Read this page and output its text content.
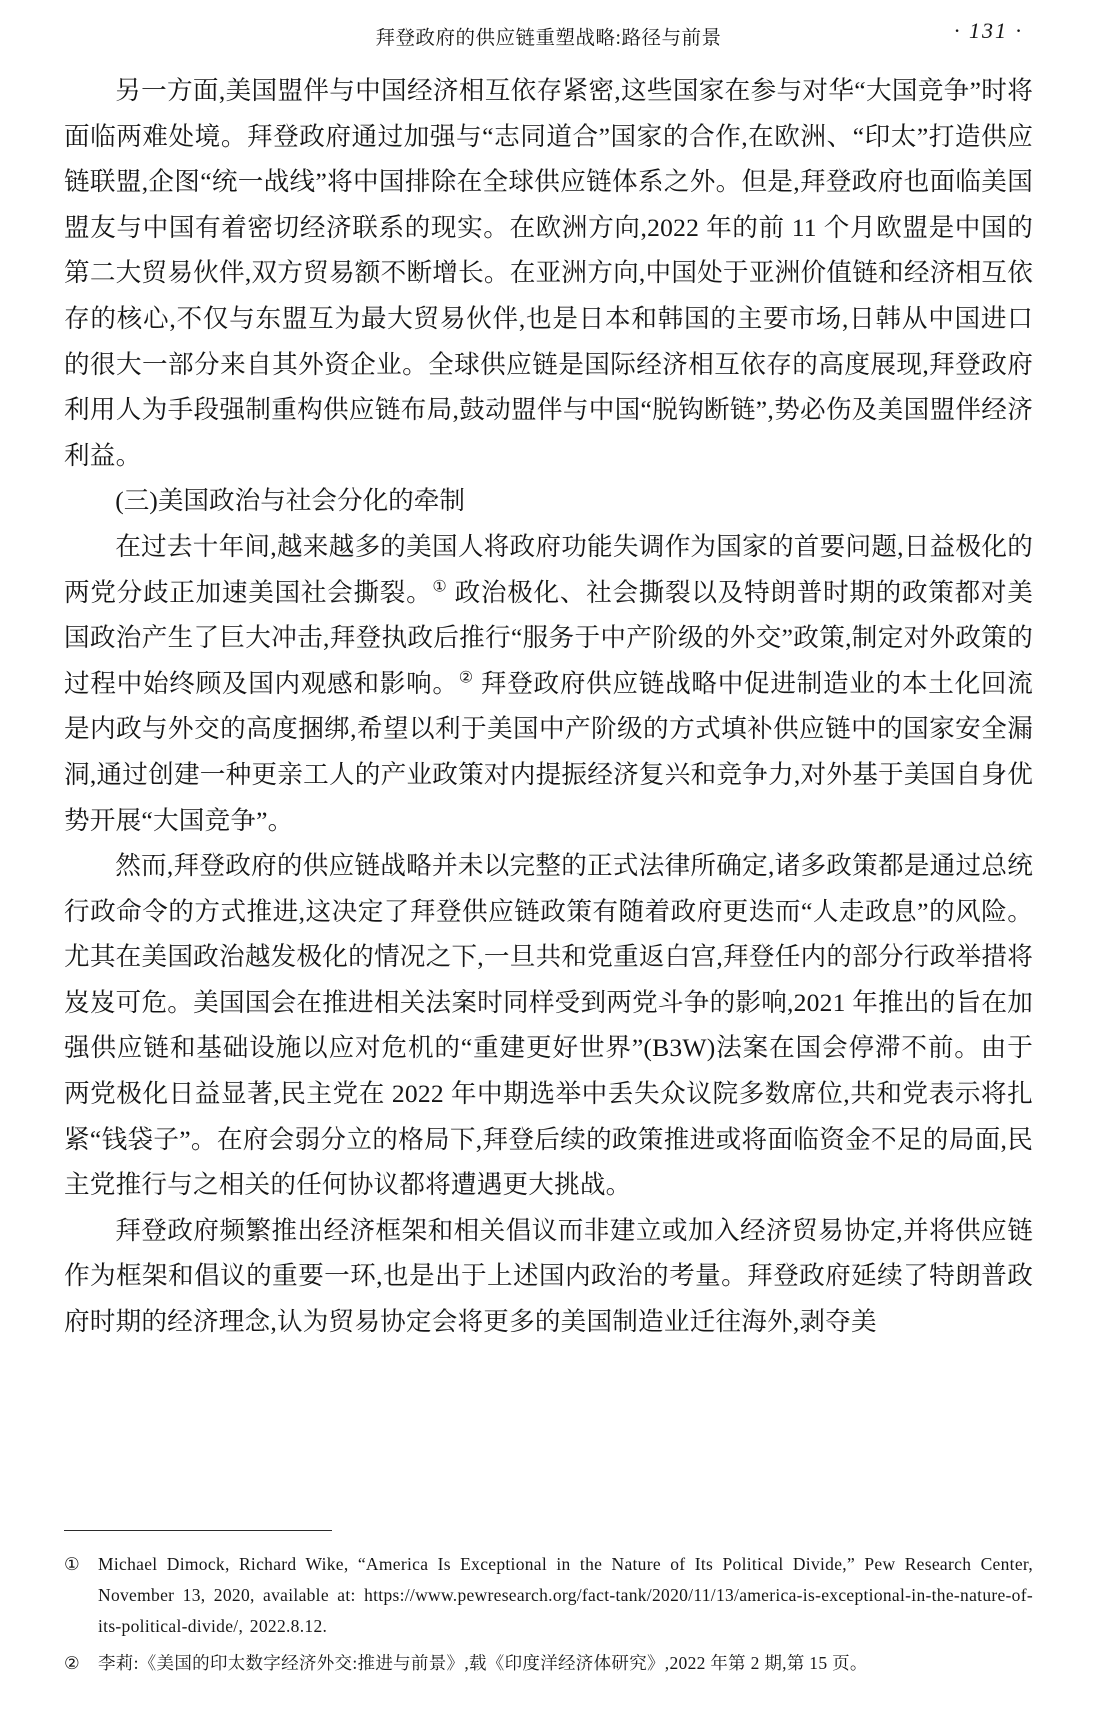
拜登政府的供应链重塑战略:路径与前景	· 131 ·

另一方面,美国盟伴与中国经济相互依存紧密,这些国家在参与对华“大国竞争”时将面临两难处境。拜登政府通过加强与“志同道合”国家的合作,在欧洲、“印太”打造供应链联盟,企图“统一战线”将中国排除在全球供应链体系之外。但是,拜登政府也面临美国盟友与中国有着密切经济联系的现实。在欧洲方向,2022 年的前 11 个月欧盟是中国的第二大贸易伙伴,双方贸易额不断增长。在亚洲方向,中国处于亚洲价值链和经济相互依存的核心,不仅与东盟互为最大贸易伙伴,也是日本和韩国的主要市场,日韩从中国进口的很大一部分来自其外资企业。全球供应链是国际经济相互依存的高度展现,拜登政府利用人为手段强制重构供应链布局,鼓动盟伴与中国“脱钩断链”,势必伤及美国盟伴经济利益。

(三)美国政治与社会分化的牵制

在过去十年间,越来越多的美国人将政府功能失调作为国家的首要问题,日益极化的两党分歧正加速美国社会撕裂。① 政治极化、社会撕裂以及特朗普时期的政策都对美国政治产生了巨大冲击,拜登执政后推行“服务于中产阶级的外交”政策,制定对外政策的过程中始终顾及国内观感和影响。② 拜登政府供应链战略中促进制造业的本土化回流是内政与外交的高度捆绑,希望以利于美国中产阶级的方式填补供应链中的国家安全漏洞,通过创建一种更亲工人的产业政策对内提振经济复兴和竞争力,对外基于美国自身优势开展“大国竞争”。

然而,拜登政府的供应链战略并未以完整的正式法律所确定,诸多政策都是通过总统行政命令的方式推进,这决定了拜登供应链政策有随着政府更迭而“人走政息”的风险。尤其在美国政治越发极化的情况之下,一旦共和党重返白宫,拜登任内的部分行政举措将岌岌可危。美国国会在推进相关法案时同样受到两党斗争的影响,2021 年推出的旨在加强供应链和基础设施以应对危机的“重建更好世界”(B3W)法案在国会停滞不前。由于两党极化日益显著,民主党在 2022 年中期选举中丢失众议院多数席位,共和党表示将扎紧“钱袋子”。在府会弱分立的格局下,拜登后续的政策推进或将面临资金不足的局面,民主党推行与之相关的任何协议都将遭遇更大挑战。

拜登政府频繁推出经济框架和相关倡议而非建立或加入经济贸易协定,并将供应链作为框架和倡议的重要一环,也是出于上述国内政治的考量。拜登政府延续了特朗普政府时期的经济理念,认为贸易协定会将更多的美国制造业迁往海外,剥夺美

①	Michael Dimock, Richard Wike, “America Is Exceptional in the Nature of Its Political Divide,” Pew Research Center, November 13, 2020, available at: https://www.pewresearch.org/fact-tank/2020/11/13/america-is-exceptional-in-the-nature-of-its-political-divide/, 2022.8.12.
②	李莉:《美国的印太数字经济外交:推进与前景》,载《印度洋经济体研究》,2022 年第 2 期,第 15 页。
